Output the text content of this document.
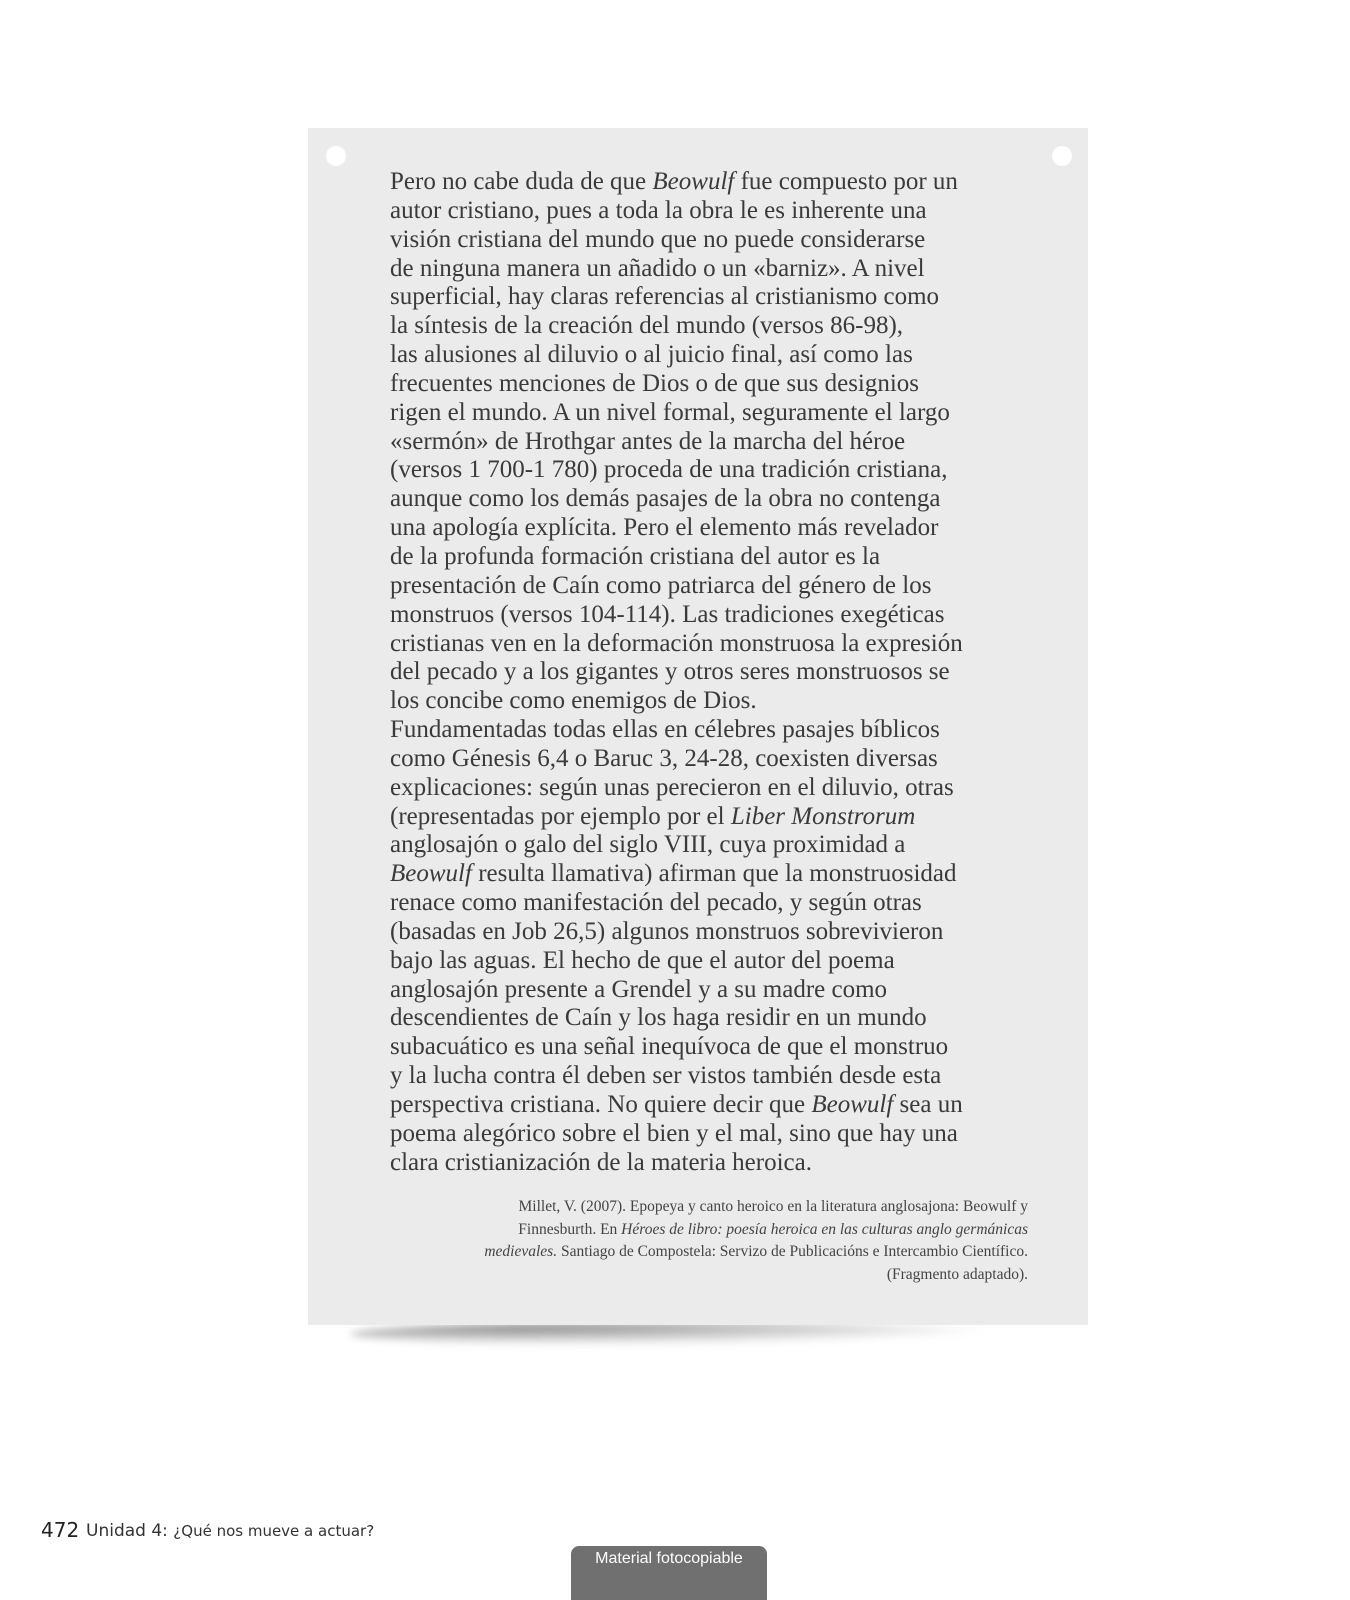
Pero no cabe duda de que Beowulf fue compuesto por un
autor cristiano, pues a toda la obra le es inherente una
visión cristiana del mundo que no puede considerarse
de ninguna manera un añadido o un «barniz». A nivel
superficial, hay claras referencias al cristianismo como
la síntesis de la creación del mundo (versos 86-98),
las alusiones al diluvio o al juicio final, así como las
frecuentes menciones de Dios o de que sus designios
rigen el mundo. A un nivel formal, seguramente el largo
«sermón» de Hrothgar antes de la marcha del héroe
(versos 1 700-1 780) proceda de una tradición cristiana,
aunque como los demás pasajes de la obra no contenga
una apología explícita. Pero el elemento más revelador
de la profunda formación cristiana del autor es la
presentación de Caín como patriarca del género de los
monstruos (versos 104-114). Las tradiciones exegéticas
cristianas ven en la deformación monstruosa la expresión
del pecado y a los gigantes y otros seres monstruosos se
los concibe como enemigos de Dios.
Fundamentadas todas ellas en célebres pasajes bíblicos
como Génesis 6,4 o Baruc 3, 24-28, coexisten diversas
explicaciones: según unas perecieron en el diluvio, otras
(representadas por ejemplo por el Liber Monstrorum
anglosajón o galo del siglo VIII, cuya proximidad a
Beowulf resulta llamativa) afirman que la monstruosidad
renace como manifestación del pecado, y según otras
(basadas en Job 26,5) algunos monstruos sobrevivieron
bajo las aguas. El hecho de que el autor del poema
anglosajón presente a Grendel y a su madre como
descendientes de Caín y los haga residir en un mundo
subacuático es una señal inequívoca de que el monstruo
y la lucha contra él deben ser vistos también desde esta
perspectiva cristiana. No quiere decir que Beowulf sea un
poema alegórico sobre el bien y el mal, sino que hay una
clara cristianización de la materia heroica.
Millet, V. (2007). Epopeya y canto heroico en la literatura anglosajona: Beowulf y
Finnesburth. En Héroes de libro: poesía heroica en las culturas anglo germánicas
medievales. Santiago de Compostela: Servizo de Publicacións e Intercambio Científico.
(Fragmento adaptado).
472 Unidad 4: ¿Qué nos mueve a actuar?
Material fotocopiable
